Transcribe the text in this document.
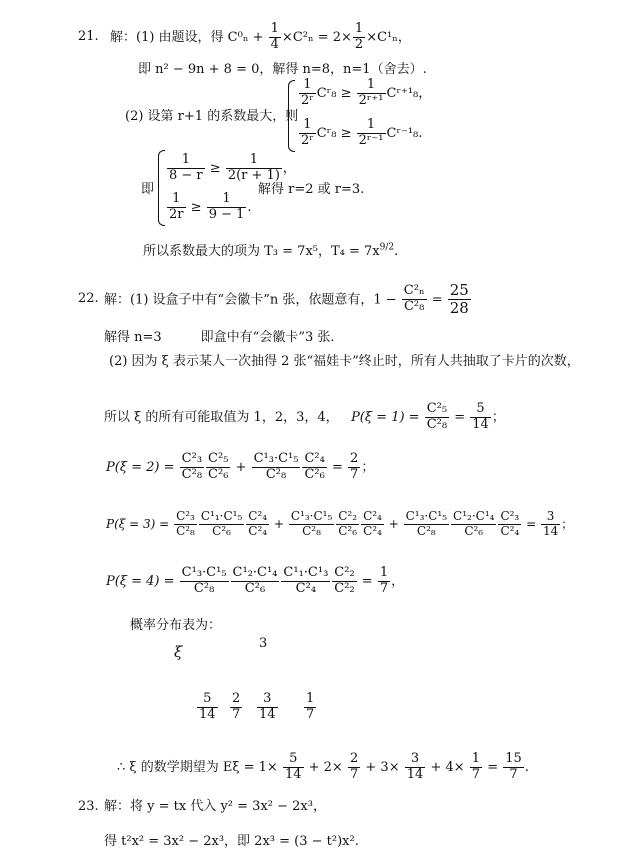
21. 解：(1) 由题设，得 $C^0_n + \frac{1}{4} \times C^2_n = 2\times \frac{1}{2} \times C^1_n$，
即 n² − 9n + 8 = 0，解得 n=8，n=1（舍去）.
(2) 设第 r+1 的系数最大，则
$\frac{1}{\text{2ʳ}}$ Cʳ₈ ≥ $\frac{1}{\text{2ʳ⁺¹}}$ Cʳ⁺¹₈，
$\frac{1}{\text{2ʳ}}$ Cʳ₈ ≥ $\frac{1}{\text{2ʳ⁻¹}}$ Cʳ⁻¹₈.
即
$\frac{1}{8 - r} \ge \frac{1}{2(r + 1)}$ ，
$\frac{1}{2r} \ge \frac{1}{9 - 1}$ .
解得 r=2 或 r=3.
所以系数最大的项为 T₃ = 7x⁵，$T_4 = 7x^{9/2}$.
22. 解：(1) 设盒子中有“会徽卡”n 张，依题意有，$1 - \frac{\text{C²ₙ}}{\text{C²₈}} = \frac{25}{28}$
解得 n=3　　　即盒中有“会徽卡”3 张.
(2) 因为 ξ 表示某人一次抽得 2 张“福娃卡”终止时，所有人共抽取了卡片的次数，
所以 ξ 的所有可能取值为 1，2，3，4， $P(\xi = 1) = \frac{\text{C²₅}}{\text{C²₈}} = \frac{5}{14}$ ；
$P(\xi = 2) = \frac{\text{C²₃}}{\text{C²₈}} \frac{\text{C²₅}}{\text{C²₆}} + \frac{\text{C¹₃·C¹₅}}{\text{C²₈}} \frac{\text{C²₄}}{\text{C²₆}} = \frac{2}{7}$ ；
$P(\xi = 3) = \frac{\text{C²₃}}{\text{C²₈}} \frac{\text{C¹₁·C¹₅}}{\text{C²₆}} \frac{\text{C²₄}}{\text{C²₄}} + \frac{\text{C¹₃·C¹₅}}{\text{C²₈}} \frac{\text{C²₂}}{\text{C²₆}} \frac{\text{C²₄}}{\text{C²₄}} + \frac{\text{C¹₃·C¹₅}}{\text{C²₈}} \frac{\text{C¹₂·C¹₄}}{\text{C²₆}} \frac{\text{C²₃}}{\text{C²₄}} = \frac{3}{14}$ ；
$P(\xi = 4) = \frac{\text{C¹₃·C¹₅}}{\text{C²₈}} \frac{\text{C¹₂·C¹₄}}{\text{C²₆}} \frac{\text{C¹₁·C¹₃}}{\text{C²₄}} \frac{\text{C²₂}}{\text{C²₂}} = \frac{1}{7}$ ，
概率分布表为：
ξ	3
$\frac{5}{14} \frac{2}{7} \frac{3}{14} \frac{1}{7}$
∴ ξ 的数学期望为 $E\xi = 1\times \frac{5}{14} + 2\times \frac{2}{7} + 3\times \frac{3}{14} + 4\times \frac{1}{7} = \frac{15}{7}$ .
23. 解：将 y = tx 代入 y² = 3x² − 2x³，
得 t²x² = 3x² − 2x³，即 2x³ = (3 − t²)x².
